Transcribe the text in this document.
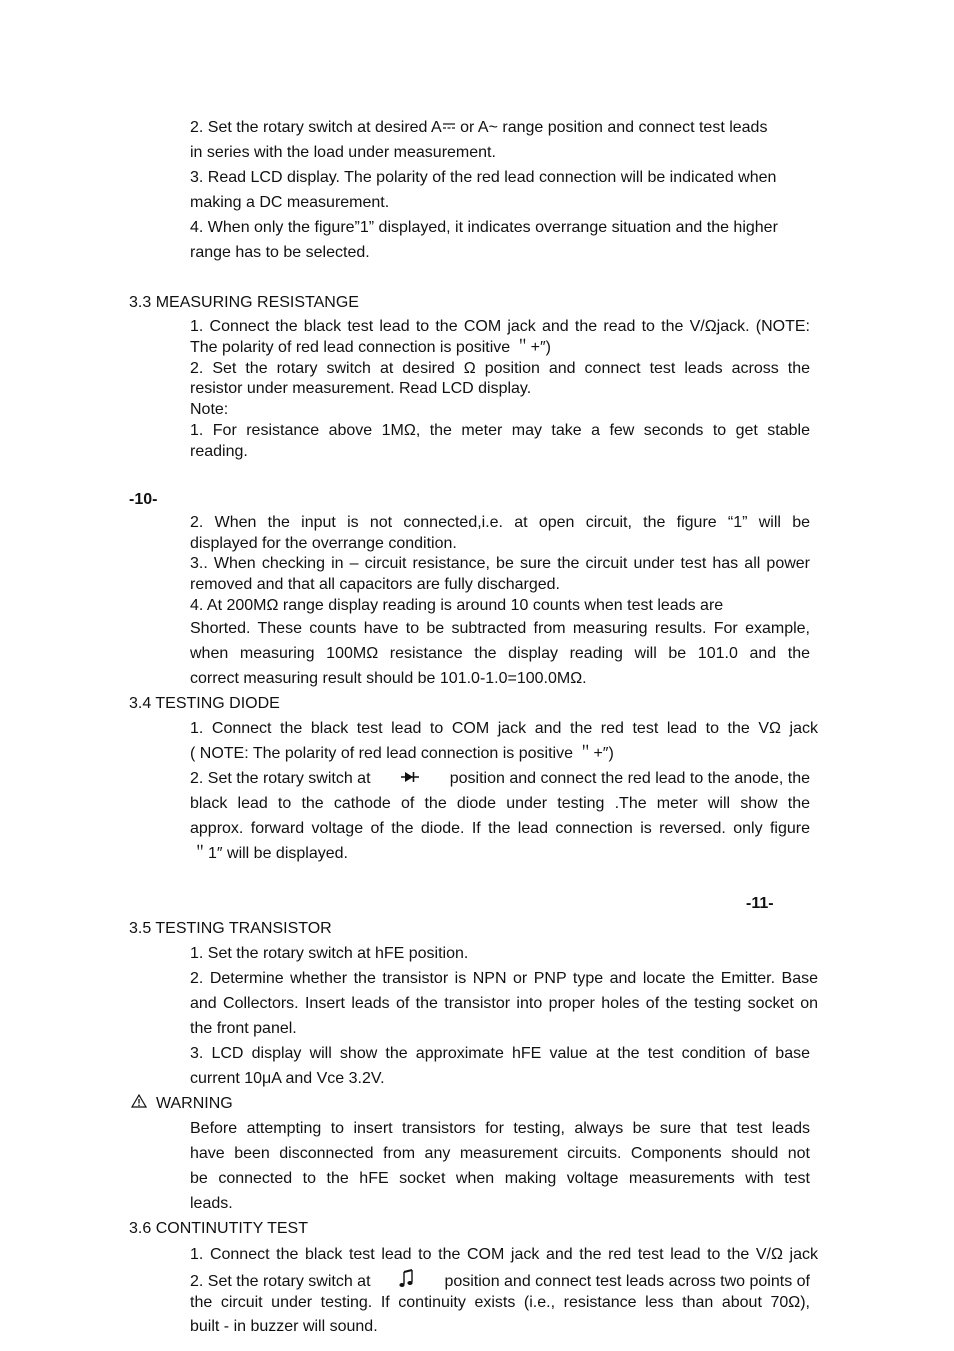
2. Set the rotary switch at desired A or A~ range position and connect test leads
in series with the load under measurement.
3. Read LCD display. The polarity of the red lead connection will be indicated when
making a DC measurement.
4. When only the figure”1” displayed, it indicates overrange situation and the higher
range has to be selected.
3.3 MEASURING RESISTANGE
1. Connect the black test lead to the COM jack and the read to the V/Ωjack. (NOTE:
The polarity of red lead connection is positive ＂+″)
2. Set the rotary switch at desired Ω position and connect test leads across the
resistor under measurement. Read LCD display.
Note:
1. For resistance above 1MΩ, the meter may take a few seconds to get stable
reading.
-10-
2. When the input is not connected,i.e. at open circuit, the figure “1” will be
displayed for the overrange condition.
3.. When checking in – circuit resistance, be sure the circuit under test has all power
removed and that all capacitors are fully discharged.
4. At 200MΩ range display reading is around 10 counts when test leads are
Shorted. These counts have to be subtracted from measuring results. For example,
when measuring 100MΩ resistance the display reading will be 101.0 and the
correct measuring result should be 101.0-1.0=100.0MΩ.
3.4 TESTING DIODE
1. Connect the black test lead to COM jack and the red test lead to the VΩ jack
( NOTE: The polarity of red lead connection is positive ＂+″)
2. Set the rotary switch at	position and connect the red lead to the anode, the
black lead to the cathode of the diode under testing .The meter will show the
approx. forward voltage of the diode. If the lead connection is reversed. only figure
＂1″ will be displayed.
-11-
3.5 TESTING TRANSISTOR
1. Set the rotary switch at hFE position.
2. Determine whether the transistor is NPN or PNP type and locate the Emitter. Base
and Collectors. Insert leads of the transistor into proper holes of the testing socket on
the front panel.
3. LCD display will show the approximate hFE value at the test condition of base
current 10μA and Vce 3.2V.
WARNING
Before attempting to insert transistors for testing, always be sure that test leads
have been disconnected from any measurement circuits. Components should not
be connected to the hFE socket when making voltage measurements with test
leads.
3.6 CONTINUTITY TEST
1. Connect the black test lead to the COM jack and the red test lead to the V/Ω jack
2. Set the rotary switch at	position and connect test leads across two points of
the circuit under testing. If continuity exists (i.e., resistance less than about 70Ω),
built - in buzzer will sound.
